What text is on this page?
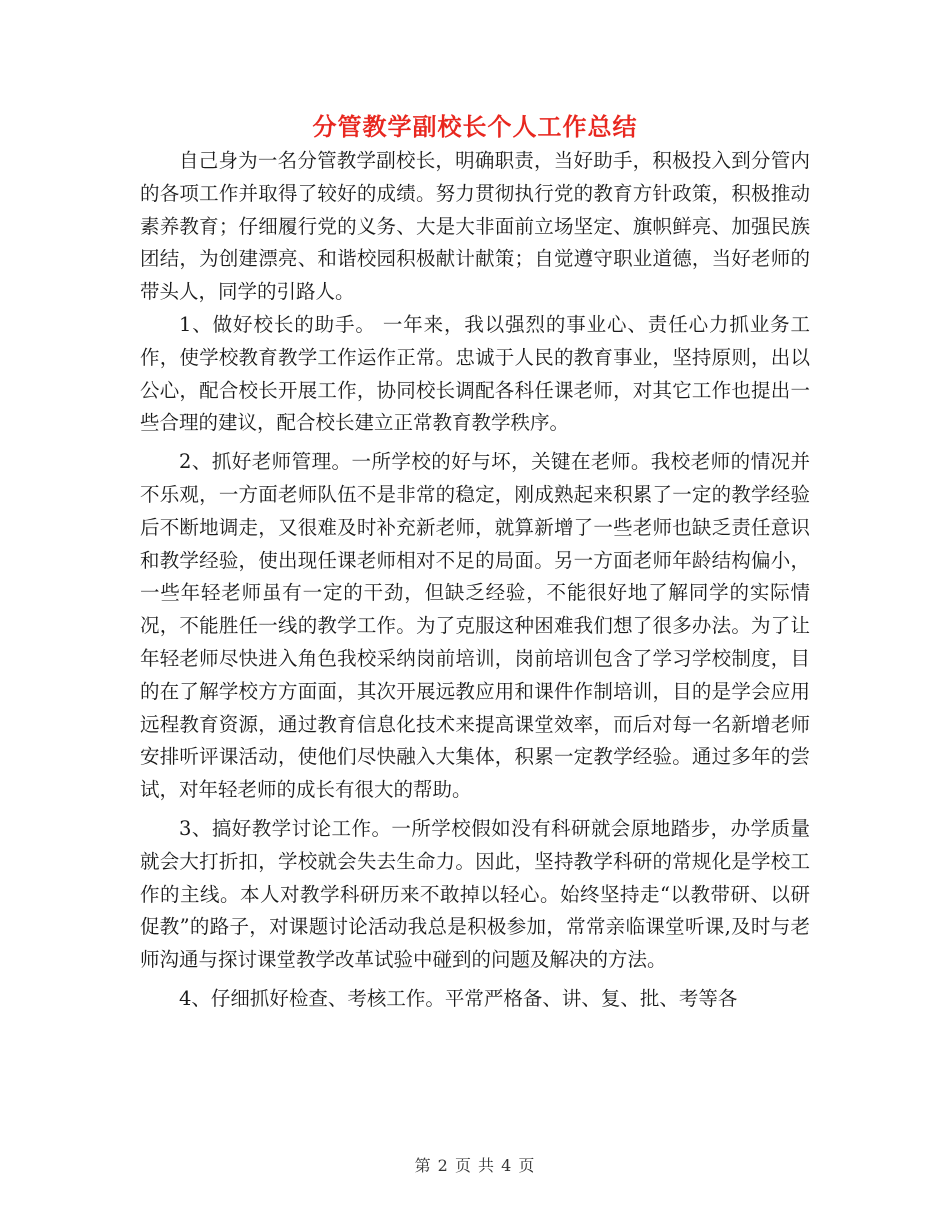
分管教学副校长个人工作总结

自己身为一名分管教学副校长，明确职责，当好助手，积极投入到分管内的各项工作并取得了较好的成绩。努力贯彻执行党的教育方针政策，积极推动素养教育；仔细履行党的义务、大是大非面前立场坚定、旗帜鲜亮、加强民族团结，为创建漂亮、和谐校园积极献计献策；自觉遵守职业道德，当好老师的带头人，同学的引路人。

1、做好校长的助手。 一年来，我以强烈的事业心、责任心力抓业务工作，使学校教育教学工作运作正常。忠诚于人民的教育事业，坚持原则，出以公心，配合校长开展工作，协同校长调配各科任课老师，对其它工作也提出一些合理的建议，配合校长建立正常教育教学秩序。

2、抓好老师管理。一所学校的好与坏，关键在老师。我校老师的情况并不乐观，一方面老师队伍不是非常的稳定，刚成熟起来积累了一定的教学经验后不断地调走，又很难及时补充新老师，就算新增了一些老师也缺乏责任意识和教学经验，使出现任课老师相对不足的局面。另一方面老师年龄结构偏小，一些年轻老师虽有一定的干劲，但缺乏经验，不能很好地了解同学的实际情况，不能胜任一线的教学工作。为了克服这种困难我们想了很多办法。为了让年轻老师尽快进入角色我校采纳岗前培训，岗前培训包含了学习学校制度，目的在了解学校方方面面，其次开展远教应用和课件作制培训，目的是学会应用远程教育资源，通过教育信息化技术来提高课堂效率，而后对每一名新增老师安排听评课活动，使他们尽快融入大集体，积累一定教学经验。通过多年的尝试，对年轻老师的成长有很大的帮助。

3、搞好教学讨论工作。一所学校假如没有科研就会原地踏步，办学质量就会大打折扣，学校就会失去生命力。因此，坚持教学科研的常规化是学校工作的主线。本人对教学科研历来不敢掉以轻心。始终坚持走“以教带研、以研促教”的路子，对课题讨论活动我总是积极参加，常常亲临课堂听课,及时与老师沟通与探讨课堂教学改革试验中碰到的问题及解决的方法。

4、仔细抓好检查、考核工作。平常严格备、讲、复、批、考等各

第 2 页 共 4 页
